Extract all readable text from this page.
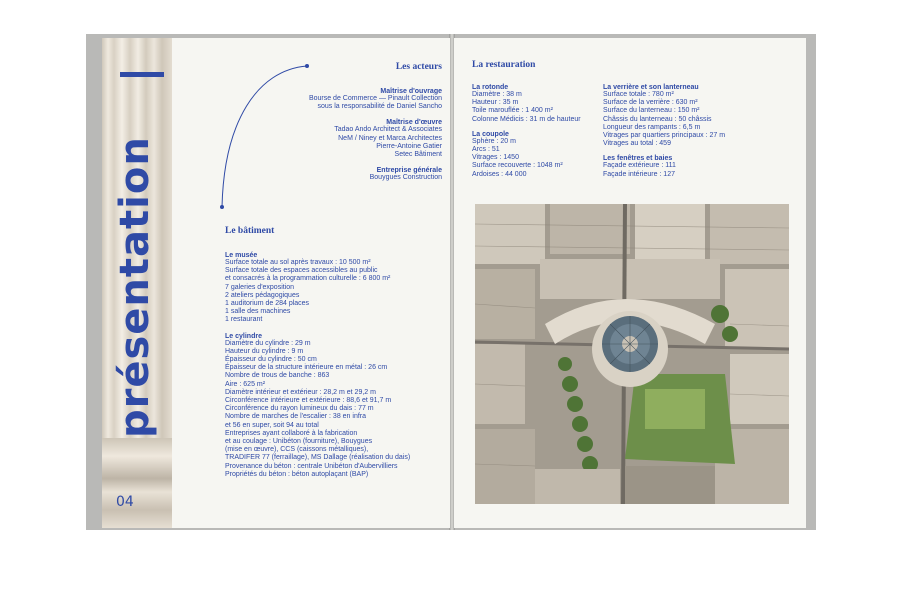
présentation
04
Les acteurs
Maîtrise d'ouvrage
Bourse de Commerce — Pinault Collection
sous la responsabilité de Daniel Sancho
Maîtrise d'œuvre
Tadao Ando Architect & Associates
NeM / Niney et Marca Architectes
Pierre-Antoine Gatier
Setec Bâtiment
Entreprise générale
Bouygues Construction
Le bâtiment
Le musée
Surface totale au sol après travaux : 10 500 m²
Surface totale des espaces accessibles au public
et consacrés à la programmation culturelle : 6 800 m²
7 galeries d'exposition
2 ateliers pédagogiques
1 auditorium de 284 places
1 salle des machines
1 restaurant
Le cylindre
Diamètre du cylindre : 29 m
Hauteur du cylindre : 9 m
Épaisseur du cylindre : 50 cm
Épaisseur de la structure intérieure en métal : 26 cm
Nombre de trous de banche : 863
Aire : 625 m²
Diamètre intérieur et extérieur : 28,2 m et 29,2 m
Circonférence intérieure et extérieure : 88,6 et 91,7 m
Circonférence du rayon lumineux du dais : 77 m
Nombre de marches de l'escalier : 38 en infra
et 56 en super, soit 94 au total
Entreprises ayant collaboré à la fabrication
et au coulage : Unibéton (fourniture), Bouygues
(mise en œuvre), CCS (caissons métalliques),
TRADIFER 77 (ferraillage), MS Dallage (réalisation du dais)
Provenance du béton : centrale Unibéton d'Aubervilliers
Propriétés du béton : béton autoplaçant (BAP)
La restauration
La rotonde
Diamètre : 38 m
Hauteur : 35 m
Toile marouflée : 1 400 m²
Colonne Médicis : 31 m de hauteur
La coupole
Sphère : 20 m
Arcs : 51
Vitrages : 1450
Surface recouverte : 1048 m²
Ardoises : 44 000
La verrière et son lanterneau
Surface totale : 780 m²
Surface de la verrière : 630 m²
Surface du lanterneau : 150 m²
Châssis du lanterneau : 50 châssis
Longueur des rampants : 6,5 m
Vitrages par quartiers principaux : 27 m
Vitrages au total : 459
Les fenêtres et baies
Façade extérieure : 111
Façade intérieure : 127
